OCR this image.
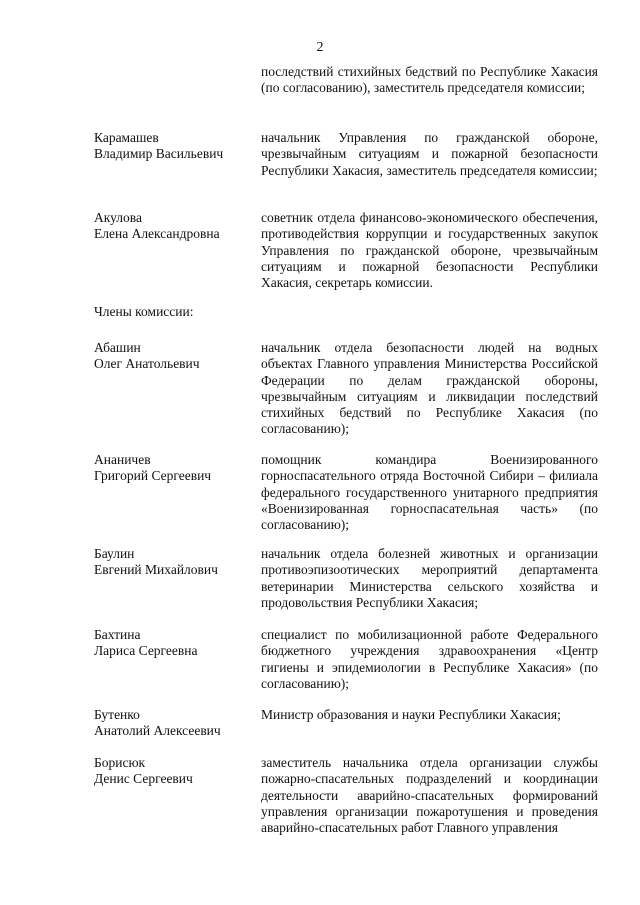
2
последствий стихийных бедствий по Республике Хакасия (по согласованию), заместитель председателя комиссии;
Карамашев
Владимир Васильевич
начальник Управления по гражданской обороне, чрезвычайным ситуациям и пожарной безопасности Республики Хакасия, заместитель председателя комиссии;
Акулова
Елена Александровна
советник отдела финансово-экономического обеспечения, противодействия коррупции и государственных закупок Управления по гражданской обороне, чрезвычайным ситуациям и пожарной безопасности Республики Хакасия, секретарь комиссии.
Члены комиссии:
Абашин
Олег Анатольевич
начальник отдела безопасности людей на водных объектах Главного управления Министерства Российской Федерации по делам гражданской обороны, чрезвычайным ситуациям и ликвидации последствий стихийных бедствий по Республике Хакасия (по согласованию);
Ананичев
Григорий Сергеевич
помощник командира Военизированного горноспасательного отряда Восточной Сибири – филиала федерального государственного унитарного предприятия «Военизированная горноспасательная часть» (по согласованию);
Баулин
Евгений Михайлович
начальник отдела болезней животных и организации противоэпизоотических мероприятий департамента ветеринарии Министерства сельского хозяйства и продовольствия Республики Хакасия;
Бахтина
Лариса Сергеевна
специалист по мобилизационной работе Федерального бюджетного учреждения здравоохранения «Центр гигиены и эпидемиологии в Республике Хакасия» (по согласованию);
Бутенко
Анатолий Алексеевич
Министр образования и науки Республики Хакасия;
Борисюк
Денис Сергеевич
заместитель начальника отдела организации службы пожарно-спасательных подразделений и координации деятельности аварийно-спасательных формирований управления организации пожаротушения и проведения аварийно-спасательных работ Главного управления
